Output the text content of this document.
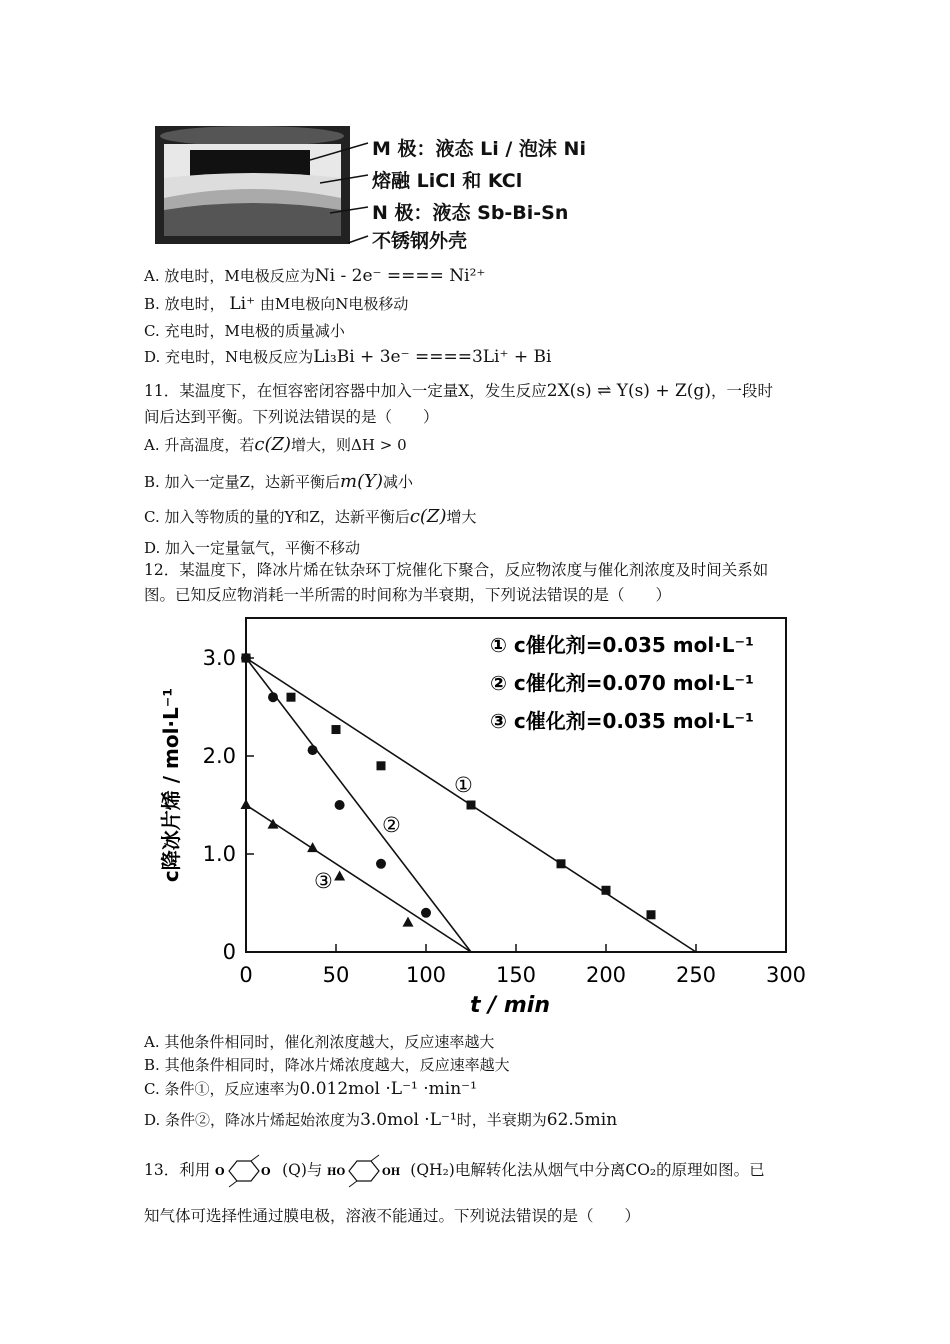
M 极：液态 Li / 泡沫 Ni
熔融 LiCl 和 KCl
N 极：液态 Sb-Bi-Sn
不锈钢外壳
A. 放电时，M电极反应为Ni - 2e⁻ ==== Ni²⁺
B. 放电时， Li⁺ 由M电极向N电极移动
C. 充电时，M电极的质量减小
D. 充电时，N电极反应为Li₃Bi + 3e⁻ ====3Li⁺ + Bi
11．某温度下，在恒容密闭容器中加入一定量X，发生反应2X(s) ⇌ Y(s) + Z(g)，一段时
间后达到平衡。下列说法错误的是（　　）
A. 升高温度，若c(Z)增大，则ΔH > 0
B. 加入一定量Z，达新平衡后m(Y)减小
C. 加入等物质的量的Y和Z，达新平衡后c(Z)增大
D. 加入一定量氩气，平衡不移动
12．某温度下，降冰片烯在钛杂环丁烷催化下聚合，反应物浓度与催化剂浓度及时间关系如
图。已知反应物消耗一半所需的时间称为半衰期，下列说法错误的是（　　）
0	50	100 150 200 250 300
0
1.0
2.0
3.0
t / min
c降冰片烯 / mol·L⁻¹
① c催化剂=0.035 mol·L⁻¹
② c催化剂=0.070 mol·L⁻¹
③ c催化剂=0.035 mol·L⁻¹
①
②
③
A. 其他条件相同时，催化剂浓度越大，反应速率越大
B. 其他条件相同时，降冰片烯浓度越大，反应速率越大
C. 条件①，反应速率为0.012mol ·L⁻¹ ·min⁻¹
D. 条件②，降冰片烯起始浓度为3.0mol ·L⁻¹时，半衰期为62.5min
13．利用 O	O (Q)与 HO	OH (QH₂)电解转化法从烟气中分离CO₂的原理如图。已
知气体可选择性通过膜电极，溶液不能通过。下列说法错误的是（　　）
